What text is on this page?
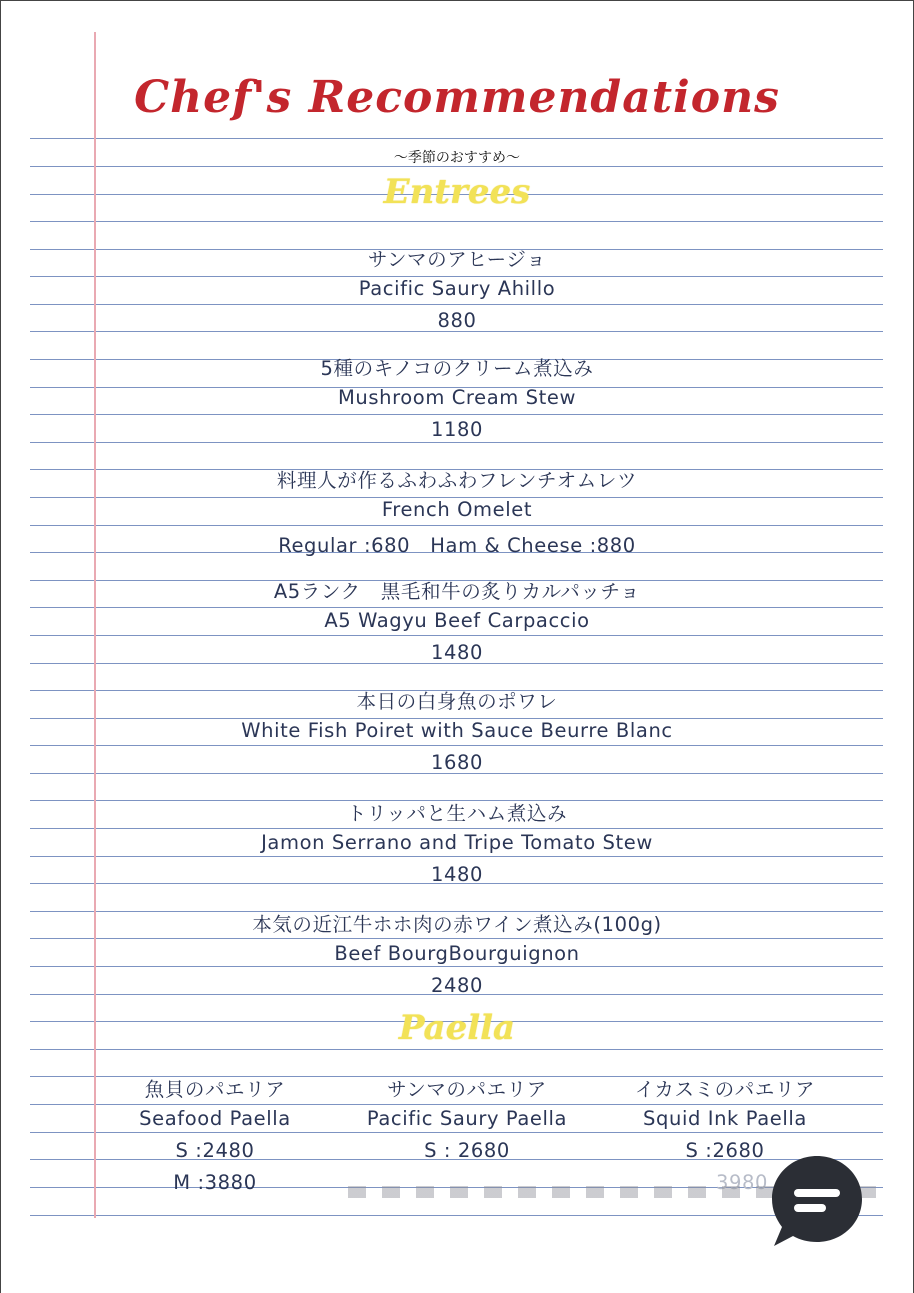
Chef's Recommendations
～季節のおすすめ～
Entrees
サンマのアヒージョ
Pacific Saury Ahillo
880
5種のキノコのクリーム煮込み
Mushroom Cream Stew
1180
料理人が作るふわふわフレンチオムレツ
French Omelet
Regular :680　Ham & Cheese :880
A5ランク　黒毛和牛の炙りカルパッチョ
A5 Wagyu Beef Carpaccio
1480
本日の白身魚のポワレ
White Fish Poiret with Sauce Beurre Blanc
1680
トリッパと生ハム煮込み
Jamon Serrano and Tripe Tomato Stew
1480
本気の近江牛ホホ肉の赤ワイン煮込み(100g)
Beef BourgBourguignon
2480
Paella
魚貝のパエリア
Seafood Paella
S :2480
M :3880
サンマのパエリア
Pacific Saury Paella
S : 2680
イカスミのパエリア
Squid Ink Paella
S :2680
3980
